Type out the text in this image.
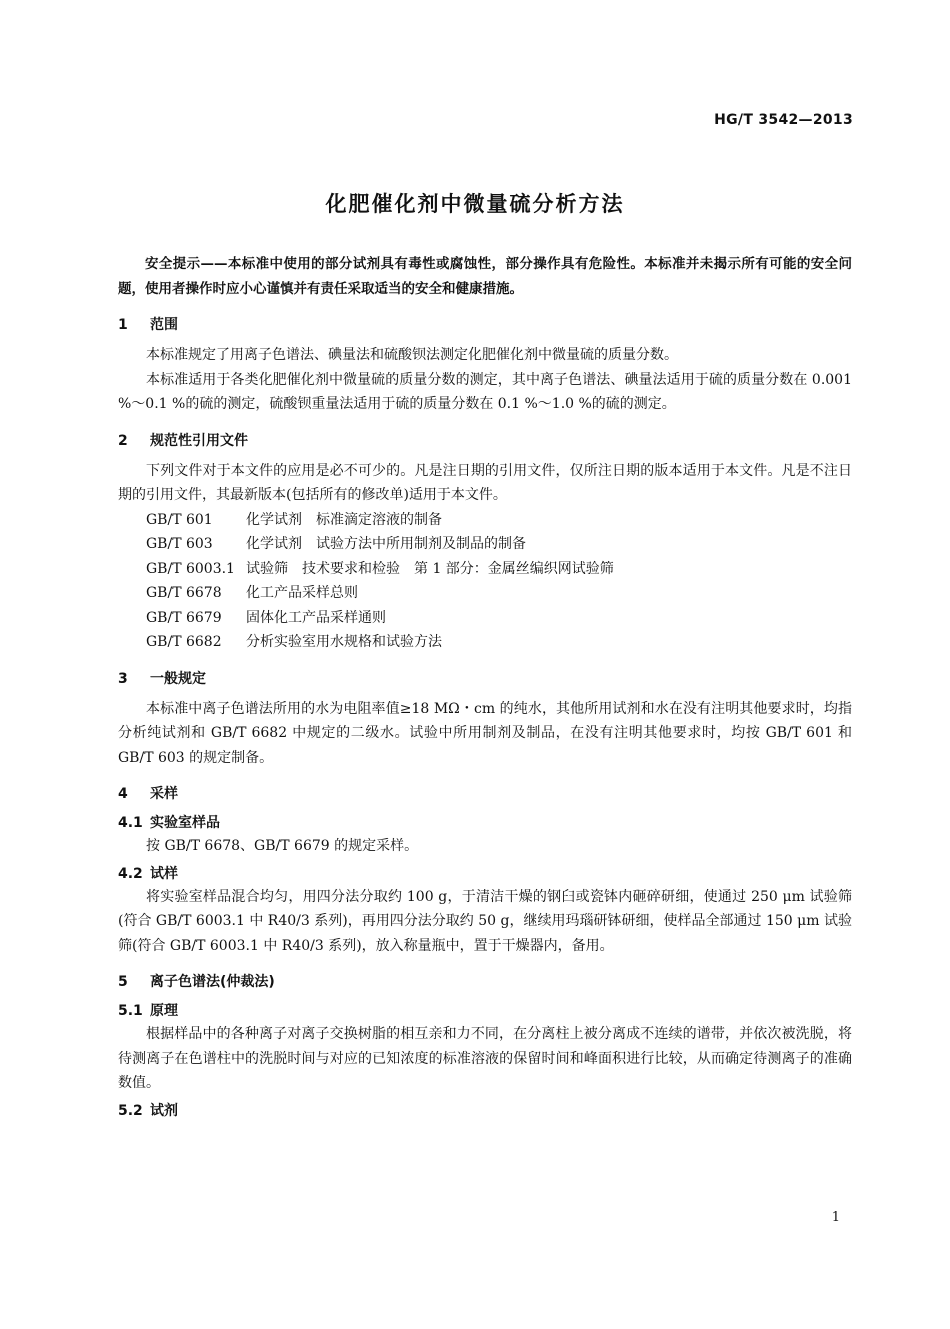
HG/T 3542—2013
化肥催化剂中微量硫分析方法
安全提示——本标准中使用的部分试剂具有毒性或腐蚀性，部分操作具有危险性。本标准并未揭示所有可能的安全问题，使用者操作时应小心谨慎并有责任采取适当的安全和健康措施。
1 范围
本标准规定了用离子色谱法、碘量法和硫酸钡法测定化肥催化剂中微量硫的质量分数。
本标准适用于各类化肥催化剂中微量硫的质量分数的测定，其中离子色谱法、碘量法适用于硫的质量分数在 0.001 %～0.1 %的硫的测定，硫酸钡重量法适用于硫的质量分数在 0.1 %～1.0 %的硫的测定。
2 规范性引用文件
下列文件对于本文件的应用是必不可少的。凡是注日期的引用文件，仅所注日期的版本适用于本文件。凡是不注日期的引用文件，其最新版本(包括所有的修改单)适用于本文件。
GB/T 601 化学试剂　标准滴定溶液的制备
GB/T 603 化学试剂　试验方法中所用制剂及制品的制备
GB/T 6003.1 试验筛　技术要求和检验　第 1 部分：金属丝编织网试验筛
GB/T 6678 化工产品采样总则
GB/T 6679 固体化工产品采样通则
GB/T 6682 分析实验室用水规格和试验方法
3 一般规定
本标准中离子色谱法所用的水为电阻率值≥18 MΩ・cm 的纯水，其他所用试剂和水在没有注明其他要求时，均指分析纯试剂和 GB/T 6682 中规定的二级水。试验中所用制剂及制品，在没有注明其他要求时，均按 GB/T 601 和 GB/T 603 的规定制备。
4 采样
4.1 实验室样品
按 GB/T 6678、GB/T 6679 的规定采样。
4.2 试样
将实验室样品混合均匀，用四分法分取约 100 g，于清洁干燥的钢臼或瓷钵内砸碎研细，使通过 250 μm 试验筛(符合 GB/T 6003.1 中 R40/3 系列)，再用四分法分取约 50 g，继续用玛瑙研钵研细，使样品全部通过 150 μm 试验筛(符合 GB/T 6003.1 中 R40/3 系列)，放入称量瓶中，置于干燥器内，备用。
5 离子色谱法(仲裁法)
5.1 原理
根据样品中的各种离子对离子交换树脂的相互亲和力不同，在分离柱上被分离成不连续的谱带，并依次被洗脱，将待测离子在色谱柱中的洗脱时间与对应的已知浓度的标准溶液的保留时间和峰面积进行比较，从而确定待测离子的准确数值。
5.2 试剂
1
